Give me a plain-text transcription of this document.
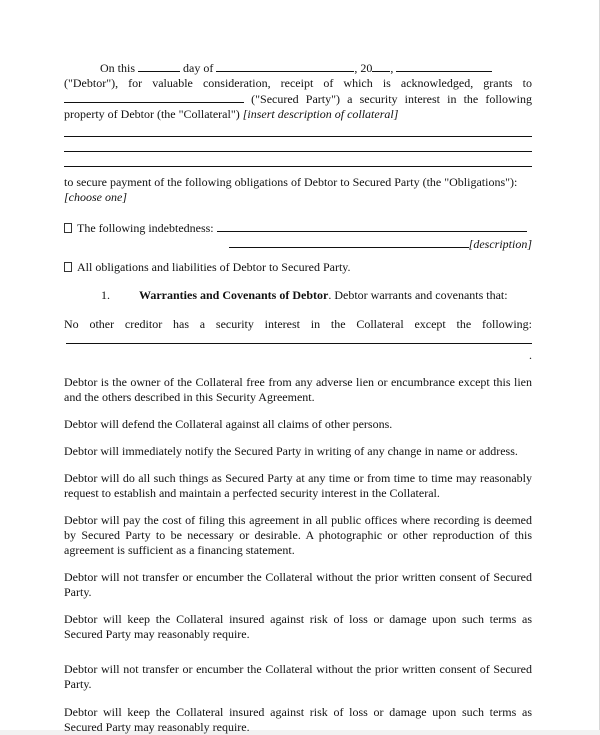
On this	day of	, 20 ,

("Debtor"), for valuable consideration, receipt of which is acknowledged, grants to

("Secured Party") a security interest in the following

property of Debtor (the "Collateral") [insert description of collateral]

to secure payment of the following obligations of Debtor to Secured Party (the "Obligations"):

[choose one]

The following indebtedness:

[description]

All obligations and liabilities of Debtor to Secured Party.

1. Warranties and Covenants of Debtor. Debtor warrants and covenants that:

No other creditor has a security interest in the Collateral except the following:

.

Debtor is the owner of the Collateral free from any adverse lien or encumbrance except this lien and the others described in this Security Agreement.

Debtor will defend the Collateral against all claims of other persons.

Debtor will immediately notify the Secured Party in writing of any change in name or address.

Debtor will do all such things as Secured Party at any time or from time to time may reasonably request to establish and maintain a perfected security interest in the Collateral.

Debtor will pay the cost of filing this agreement in all public offices where recording is deemed by Secured Party to be necessary or desirable. A photographic or other reproduction of this agreement is sufficient as a financing statement.

Debtor will not transfer or encumber the Collateral without the prior written consent of Secured Party.

Debtor will keep the Collateral insured against risk of loss or damage upon such terms as Secured Party may reasonably require.

Debtor will not transfer or encumber the Collateral without the prior written consent of Secured Party.

Debtor will keep the Collateral insured against risk of loss or damage upon such terms as Secured Party may reasonably require.
